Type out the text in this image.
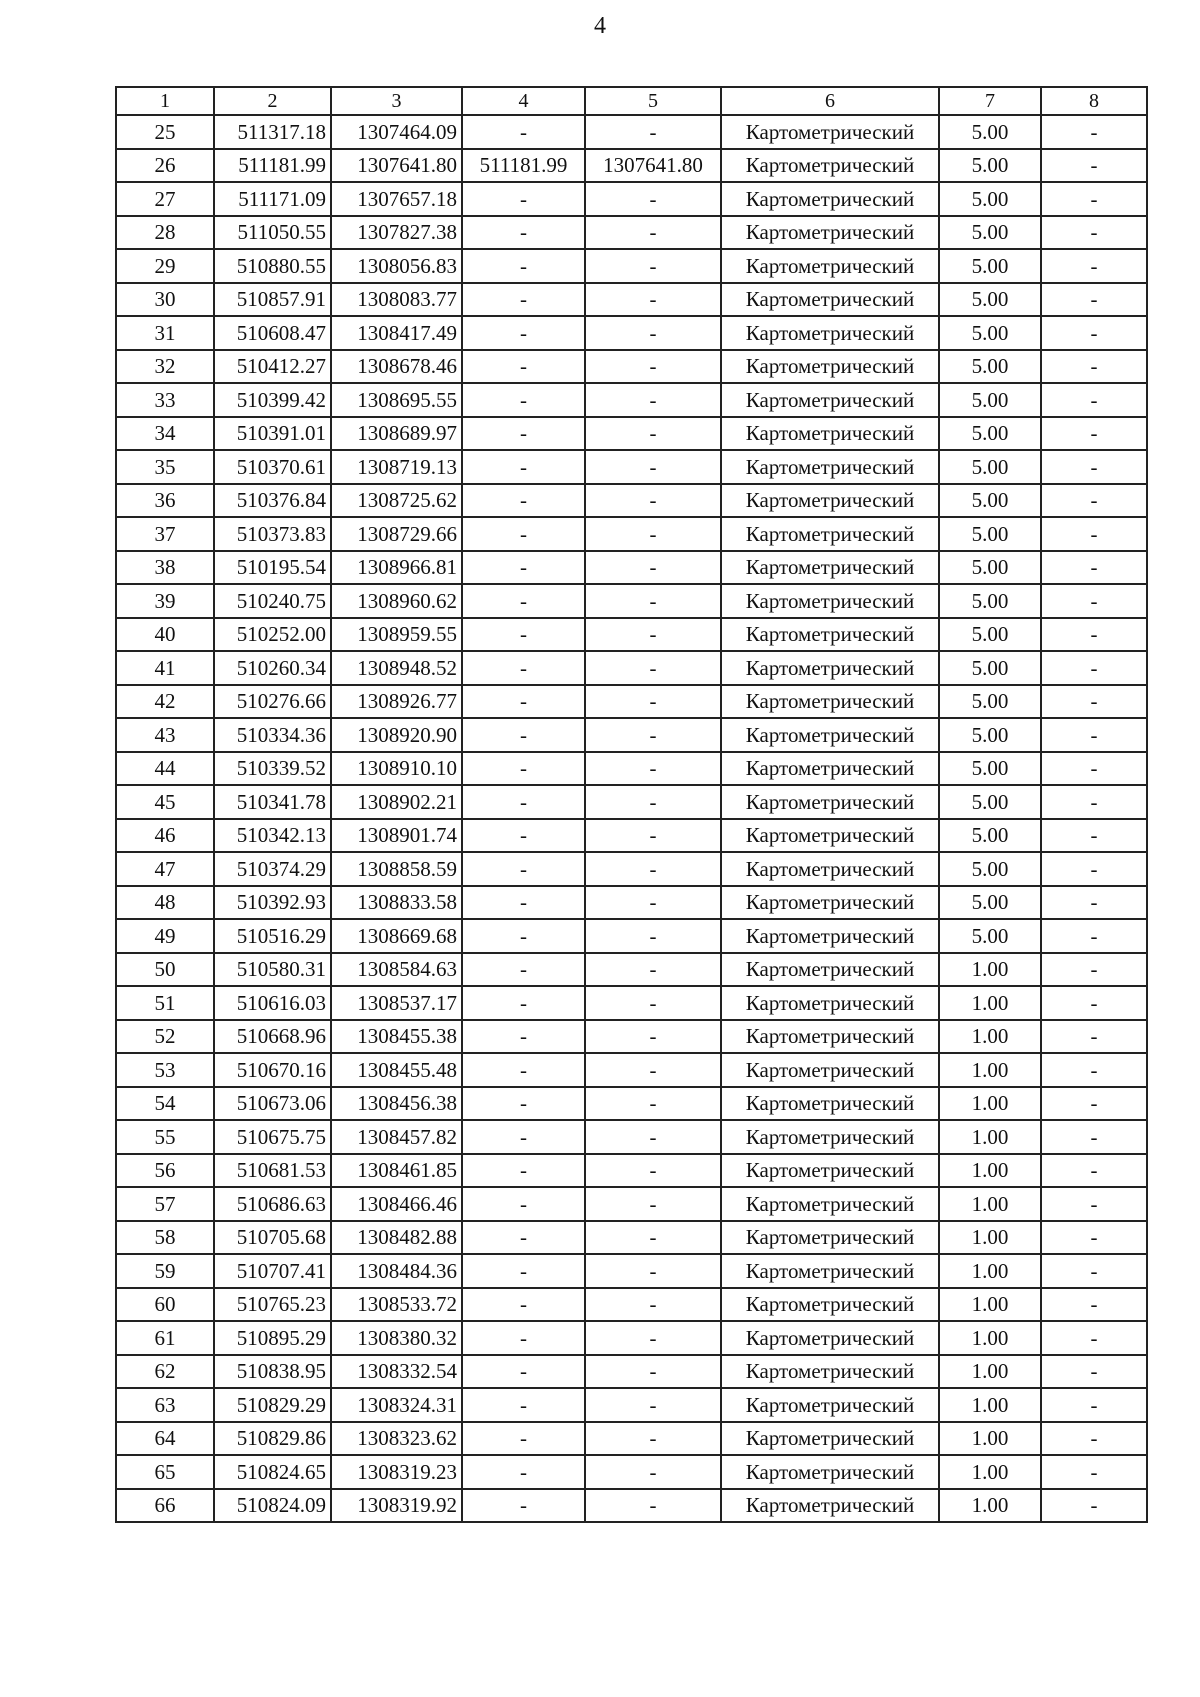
4
1	2	3	4	5	6	7	8
25	511317.18	1307464.09	-	-	Картометрический	5.00	-
26	511181.99	1307641.80	511181.99	1307641.80	Картометрический	5.00	-
27	511171.09	1307657.18	-	-	Картометрический	5.00	-
28	511050.55	1307827.38	-	-	Картометрический	5.00	-
29	510880.55	1308056.83	-	-	Картометрический	5.00	-
30	510857.91	1308083.77	-	-	Картометрический	5.00	-
31	510608.47	1308417.49	-	-	Картометрический	5.00	-
32	510412.27	1308678.46	-	-	Картометрический	5.00	-
33	510399.42	1308695.55	-	-	Картометрический	5.00	-
34	510391.01	1308689.97	-	-	Картометрический	5.00	-
35	510370.61	1308719.13	-	-	Картометрический	5.00	-
36	510376.84	1308725.62	-	-	Картометрический	5.00	-
37	510373.83	1308729.66	-	-	Картометрический	5.00	-
38	510195.54	1308966.81	-	-	Картометрический	5.00	-
39	510240.75	1308960.62	-	-	Картометрический	5.00	-
40	510252.00	1308959.55	-	-	Картометрический	5.00	-
41	510260.34	1308948.52	-	-	Картометрический	5.00	-
42	510276.66	1308926.77	-	-	Картометрический	5.00	-
43	510334.36	1308920.90	-	-	Картометрический	5.00	-
44	510339.52	1308910.10	-	-	Картометрический	5.00	-
45	510341.78	1308902.21	-	-	Картометрический	5.00	-
46	510342.13	1308901.74	-	-	Картометрический	5.00	-
47	510374.29	1308858.59	-	-	Картометрический	5.00	-
48	510392.93	1308833.58	-	-	Картометрический	5.00	-
49	510516.29	1308669.68	-	-	Картометрический	5.00	-
50	510580.31	1308584.63	-	-	Картометрический	1.00	-
51	510616.03	1308537.17	-	-	Картометрический	1.00	-
52	510668.96	1308455.38	-	-	Картометрический	1.00	-
53	510670.16	1308455.48	-	-	Картометрический	1.00	-
54	510673.06	1308456.38	-	-	Картометрический	1.00	-
55	510675.75	1308457.82	-	-	Картометрический	1.00	-
56	510681.53	1308461.85	-	-	Картометрический	1.00	-
57	510686.63	1308466.46	-	-	Картометрический	1.00	-
58	510705.68	1308482.88	-	-	Картометрический	1.00	-
59	510707.41	1308484.36	-	-	Картометрический	1.00	-
60	510765.23	1308533.72	-	-	Картометрический	1.00	-
61	510895.29	1308380.32	-	-	Картометрический	1.00	-
62	510838.95	1308332.54	-	-	Картометрический	1.00	-
63	510829.29	1308324.31	-	-	Картометрический	1.00	-
64	510829.86	1308323.62	-	-	Картометрический	1.00	-
65	510824.65	1308319.23	-	-	Картометрический	1.00	-
66	510824.09	1308319.92	-	-	Картометрический	1.00	-
